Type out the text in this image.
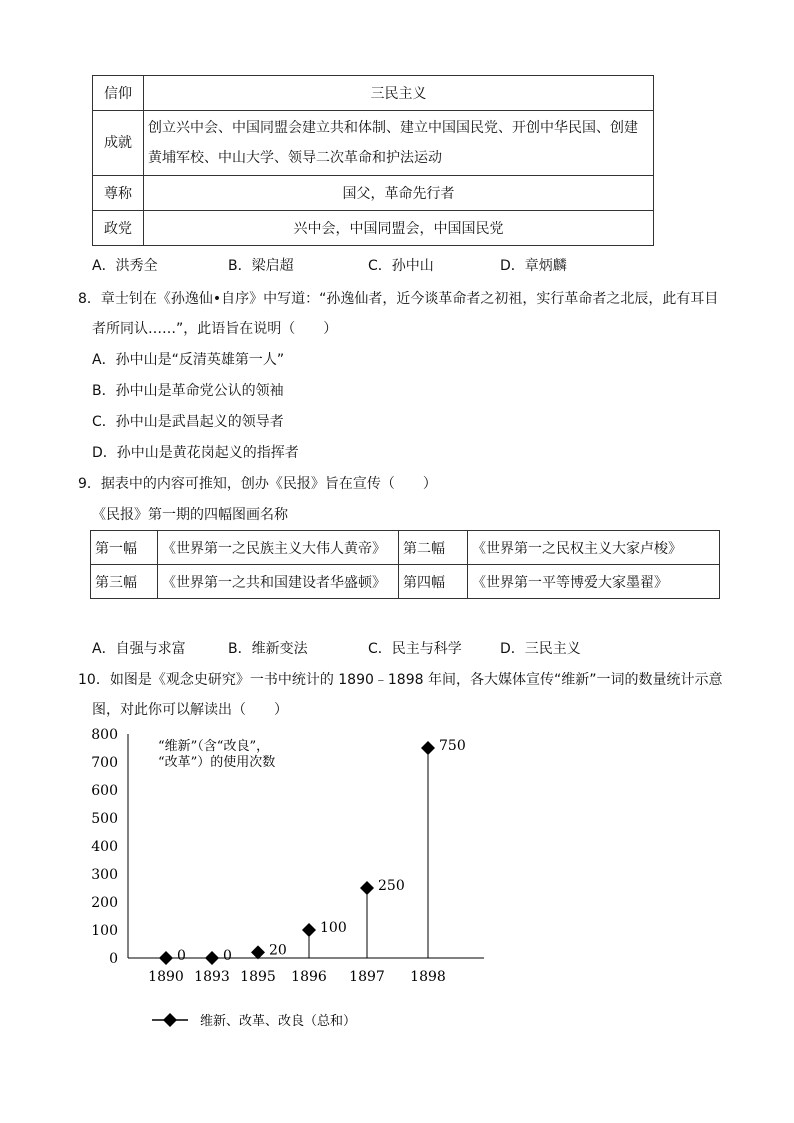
信仰	三民主义
成就	创立兴中会、中国同盟会建立共和体制、建立中国国民党、开创中华民国、创建黄埔军校、中山大学、领导二次革命和护法运动
尊称	国父，革命先行者
政党	兴中会，中国同盟会，中国国民党
A．洪秀全	B．梁启超	C．孙中山	D．章炳麟
8．章士钊在《孙逸仙•自序》中写道：“孙逸仙者，近今谈革命者之初祖，实行革命者之北辰，此有耳目
者所同认……”，此语旨在说明（　　）
A．孙中山是“反清英雄第一人”
B．孙中山是革命党公认的领袖
C．孙中山是武昌起义的领导者
D．孙中山是黄花岗起义的指挥者
9．据表中的内容可推知，创办《民报》旨在宣传（　　）
《民报》第一期的四幅图画名称
第一幅	《世界第一之民族主义大伟人黄帝》	第二幅	《世界第一之民权主义大家卢梭》
第三幅	《世界第一之共和国建设者华盛顿》	第四幅	《世界第一平等博爱大家墨翟》
A．自强与求富	B．维新变法	C．民主与科学	D．三民主义
10．如图是《观念史研究》一书中统计的 1890﹣1898 年间，各大媒体宣传“维新”一词的数量统计示意
图，对此你可以解读出（　　）
0
100
200
300
400
500
600
700
800
0	0	20
100
250
750
1890 1893 1895 1896 1897 1898
“维新”（含“改良”，
“改革”）的使用次数
维新、改革、改良（总和）
